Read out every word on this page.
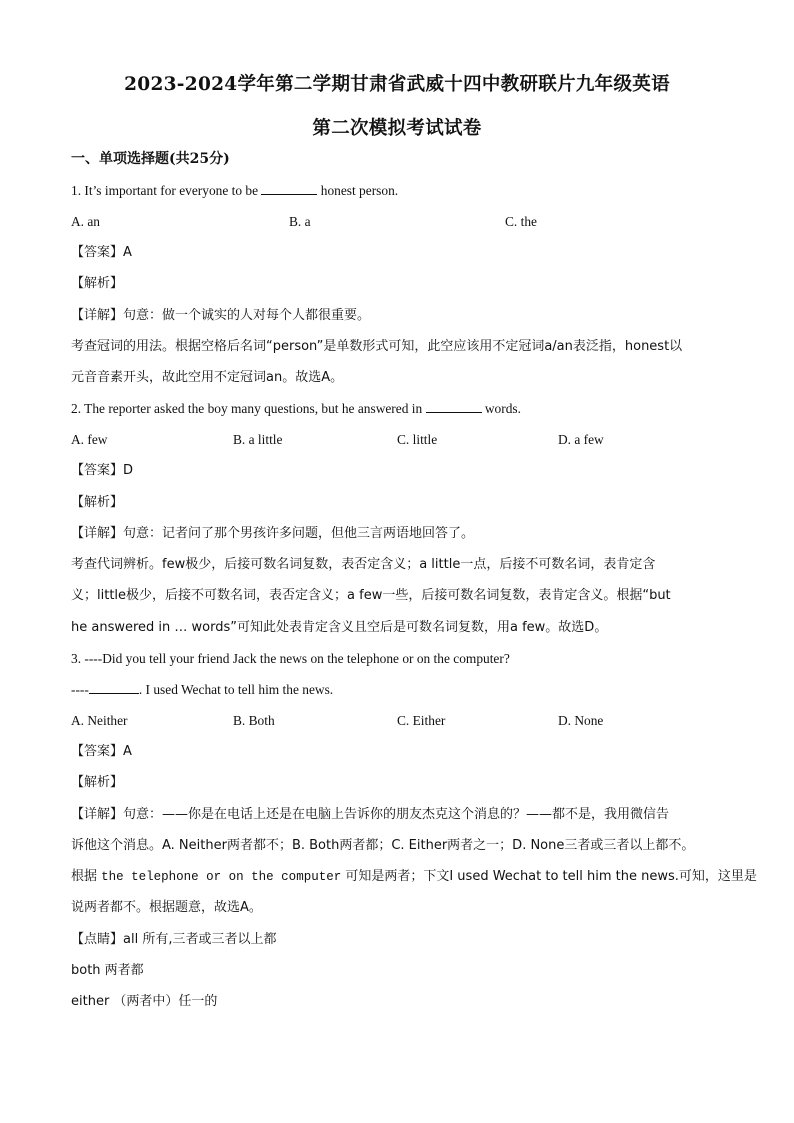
2023-2024学年第二学期甘肃省武威十四中教研联片九年级英语
第二次模拟考试试卷
一、单项选择题(共25分)
1. It’s important for everyone to be	honest person.
A. an	B. a	C. the
【答案】A
【解析】
【详解】句意：做一个诚实的人对每个人都很重要。
考查冠词的用法。根据空格后名词“person”是单数形式可知，此空应该用不定冠词a/an表泛指，honest以
元音音素开头，故此空用不定冠词an。故选A。
2. The reporter asked the boy many questions, but he answered in	words.
A. few	B. a little	C. little	D. a few
【答案】D
【解析】
【详解】句意：记者问了那个男孩许多问题，但他三言两语地回答了。
考查代词辨析。few极少，后接可数名词复数，表否定含义；a little一点，后接不可数名词，表肯定含
义；little极少，后接不可数名词，表否定含义；a few一些，后接可数名词复数，表肯定含义。根据“but
he answered in … words”可知此处表肯定含义且空后是可数名词复数，用a few。故选D。
3. ----Did you tell your friend Jack the news on the telephone or on the computer?
----	. I used Wechat to tell him the news.
A. Neither	B. Both	C. Either	D. None
【答案】A
【解析】
【详解】句意：——你是在电话上还是在电脑上告诉你的朋友杰克这个消息的？——都不是，我用微信告
诉他这个消息。A. Neither两者都不；B. Both两者都；C. Either两者之一；D. None三者或三者以上都不。
根据 the telephone or on the computer 可知是两者；下文I used Wechat to tell him the news.可知，这里是
说两者都不。根据题意，故选A。
【点睛】all 所有,三者或三者以上都
both 两者都
either （两者中）任一的
